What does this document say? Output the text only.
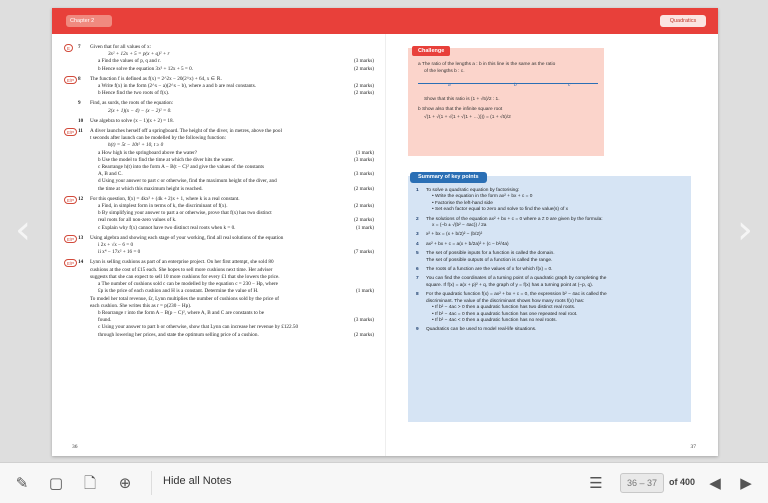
‹	›
Chapter 2	Quadratics
E	7 Given that for all values of x:
3x² + 12x + 5 = p(x + q)² + r
a Find the values of p, q and r.	(3 marks)
b Hence solve the equation 3x² + 12x + 5 = 0.	(2 marks)
E/P 8 The function f is defined as f(x) = 2^2x − 20(2^x) + 64, x ∈ ℝ.
a Write f(x) in the form (2^x − a)(2^x − b), where a and b are real constants.	(2 marks)
b Hence find the two roots of f(x).	(2 marks)
9 Find, as surds, the roots of the equation:
2(x + 1)(x − 4) − (x − 2)² = 0.
10 Use algebra to solve (x − 1)(x + 2) = 18.
E/P 11 A diver launches herself off a springboard. The height of the diver, in metres, above the pool
t seconds after launch can be modelled by the following function:
h(t) = 5t − 10t² + 10, t ≥ 0
a How high is the springboard above the water?	(1 mark)
b Use the model to find the time at which the diver hits the water.	(3 marks)
c Rearrange h(t) into the form A − B(t − C)² and give the values of the constants
A, B and C.	(3 marks)
d Using your answer to part c or otherwise, find the maximum height of the diver, and
the time at which this maximum height is reached.	(2 marks)
E/P 12 For this question, f(x) = 4kx² + (4k + 2)x + 1, where k is a real constant.
a Find, in simplest form in terms of k, the discriminant of f(x).	(2 marks)
b By simplifying your answer to part a or otherwise, prove that f(x) has two distinct
real roots for all non-zero values of k.	(2 marks)
c Explain why f(x) cannot have two distinct real roots when k = 0.	(1 mark)
E/P 13 Using algebra and showing each stage of your working, find all real solutions of the equation
i 2x + √x − 6 = 0
ii x⁴ − 17x² + 16 = 0	(7 marks)
E/P 14 Lynn is selling cushions as part of an enterprise project. On her first attempt, she sold 80
cushions at the cost of £15 each. She hopes to sell more cushions next time. Her adviser
suggests that she can expect to sell 10 more cushions for every £1 that she lowers the price.
a The number of cushions sold c can be modelled by the equation c = 230 − Hp, where
£p is the price of each cushion and H is a constant. Determine the value of H.	(1 mark)
To model her total revenue, £r, Lynn multiplies the number of cushions sold by the price of
each cushion. She writes this as r = p(230 − Hp).
b Rearrange r into the form A − B(p − C)², where A, B and C are constants to be
found.	(3 marks)
c Using your answer to part b or otherwise, show that Lynn can increase her revenue by £122.50
through lowering her prices, and state the optimum selling price of a cushion.	(2 marks)
36
Challenge
a The ratio of the lengths a : b in this line is the same as the ratio
of the lengths b : c.
a	b	c
Show that this ratio is (1 + √5)/2 : 1.
b Show also that the infinite square root
√(1 + √(1 + √(1 + √(1 + …)))) = (1 + √5)/2
Summary of key points
1 To solve a quadratic equation by factorising:
• Write the equation in the form ax² + bx + c = 0
• Factorise the left-hand side
• Set each factor equal to zero and solve to find the value(s) of x
2 The solutions of the equation ax² + bx + c = 0 where a ≠ 0 are given by the formula:
x = (−b ± √(b² − 4ac)) / 2a
3 x² + bx = (x + b/2)² − (b/2)²
4 ax² + bx + c = a(x + b/2a)² + (c − b²/4a)
5 The set of possible inputs for a function is called the domain.
The set of possible outputs of a function is called the range.
6 The roots of a function are the values of x for which f(x) = 0.
7 You can find the coordinates of a turning point of a quadratic graph by completing the
square. If f(x) = a(x + p)² + q, the graph of y = f(x) has a turning point at (−p, q).
8 For the quadratic function f(x) = ax² + bx + c = 0, the expression b² − 4ac is called the
discriminant. The value of the discriminant shows how many roots f(x) has:
• If b² − 4ac > 0 then a quadratic function has two distinct real roots.
• If b² − 4ac = 0 then a quadratic function has one repeated real root.
• If b² − 4ac < 0 then a quadratic function has no real roots.
9 Quadratics can be used to model real-life situations.
37
✎ ▢ 🗋 ⊕	Hide all Notes	☰	36 – 37	of 400 ◀ ▶
